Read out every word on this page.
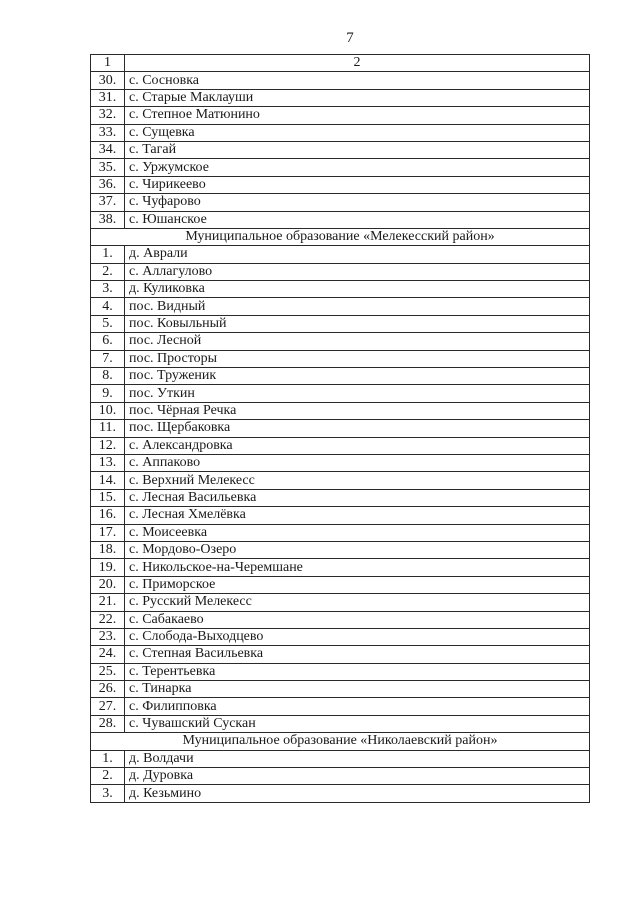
7
1	2
30.	с. Сосновка
31.	с. Старые Маклауши
32.	с. Степное Матюнино
33.	с. Сущевка
34.	с. Тагай
35.	с. Уржумское
36.	с. Чирикеево
37.	с. Чуфарово
38.	с. Юшанское
Муниципальное образование «Мелекесский район»	
1.	д. Аврали
2.	с. Аллагулово
3.	д. Куликовка
4.	пос. Видный
5.	пос. Ковыльный
6.	пос. Лесной
7.	пос. Просторы
8.	пос. Труженик
9.	пос. Уткин
10.	пос. Чёрная Речка
11.	пос. Щербаковка
12.	с. Александровка
13.	с. Аппаково
14.	с. Верхний Мелекесс
15.	с. Лесная Васильевка
16.	с. Лесная Хмелёвка
17.	с. Моисеевка
18.	с. Мордово-Озеро
19.	с. Никольское-на-Черемшане
20.	с. Приморское
21.	с. Русский Мелекесс
22.	с. Сабакаево
23.	с. Слобода-Выходцево
24.	с. Степная Васильевка
25.	с. Терентьевка
26.	с. Тинарка
27.	с. Филипповка
28.	с. Чувашский Сускан
Муниципальное образование «Николаевский район»	
1.	д. Волдачи
2.	д. Дуровка
3.	д. Кезьмино
